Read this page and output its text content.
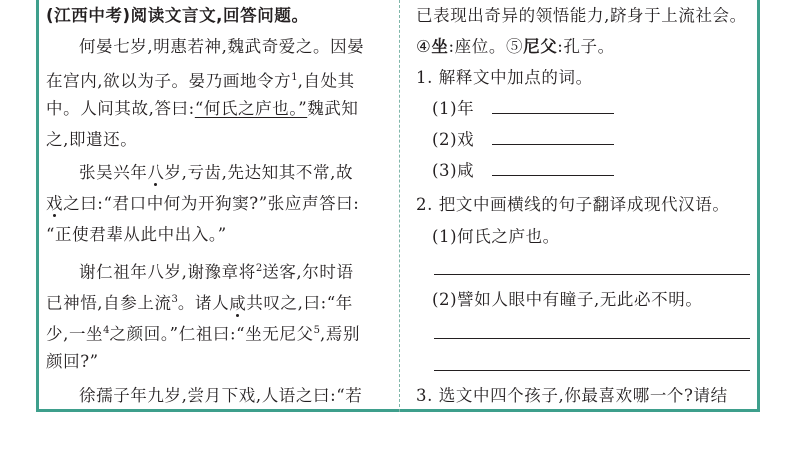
(江西中考)阅读文言文,回答问题。
何晏七岁,明惠若神,魏武奇爱之。因晏
在宫内,欲以为子。晏乃画地令方$^1$,自处其
中。人问其故,答曰:“何氏之庐也。”魏武知
之,即遣还。
张吴兴年八岁,亏齿,先达知其不常,故
戏之曰:“君口中何为开狗窦?”张应声答曰:
“正使君辈从此中出入。”
谢仁祖年八岁,谢豫章将$^2$送客,尔时语
已神悟,自参上流$^3$。诸人咸共叹之,曰:“年
少,一坐$^4$之颜回。”仁祖曰:“坐无尼父$^5$,焉别
颜回?”
徐孺子年九岁,尝月下戏,人语之曰:“若
已表现出奇异的领悟能力,跻身于上流社会。
④坐:座位。⑤尼父:孔子。
1. 解释文中加点的词。
(1)年
(2)戏
(3)咸
2. 把文中画横线的句子翻译成现代汉语。
(1)何氏之庐也。
(2)譬如人眼中有瞳子,无此必不明。
3. 选文中四个孩子,你最喜欢哪一个?请结
